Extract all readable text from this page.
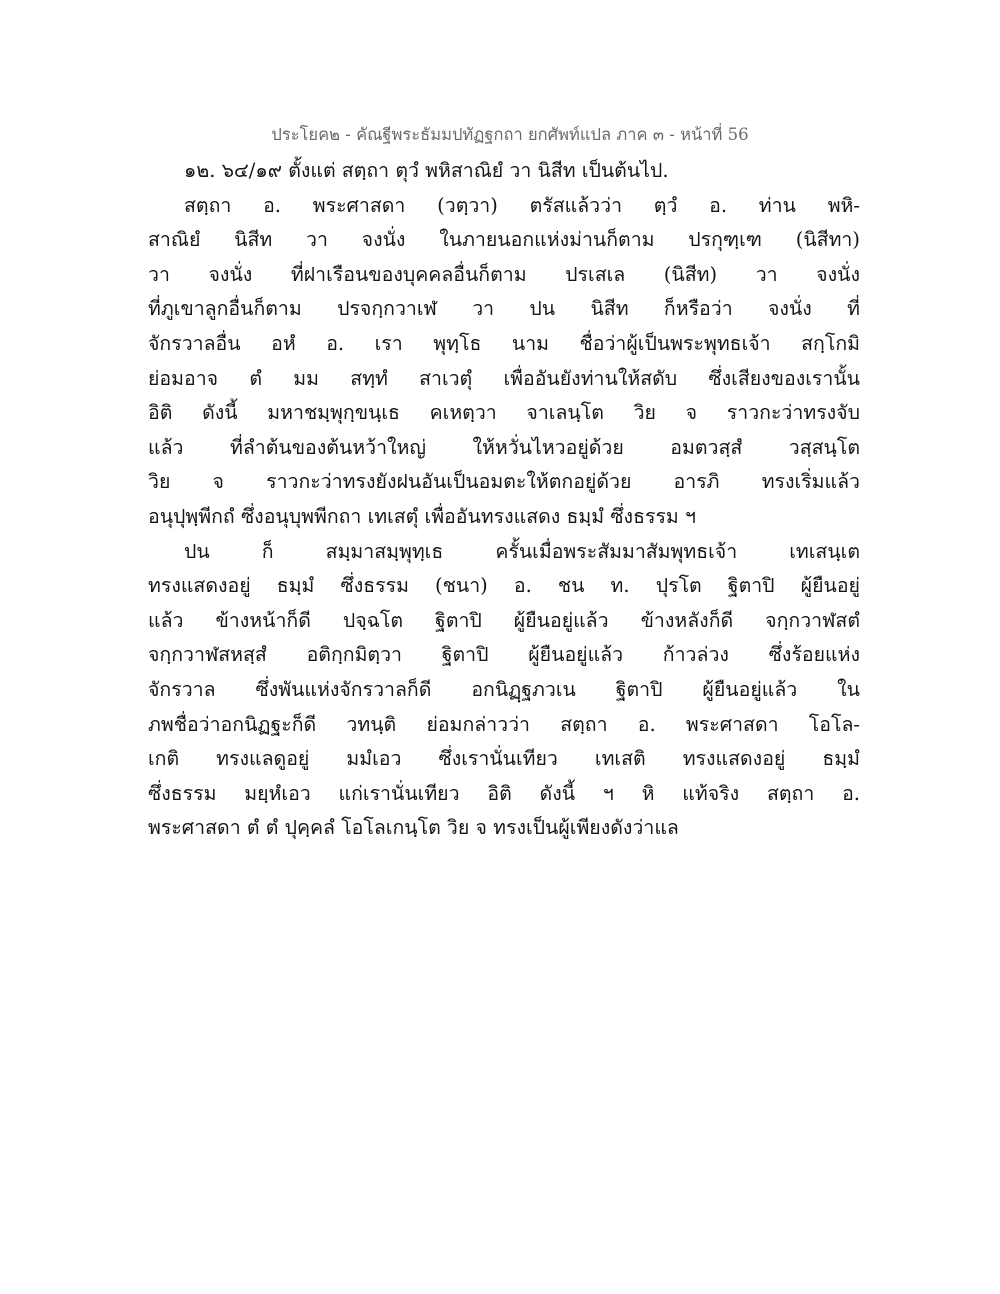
ประโยค๒ - คัณฐีพระธัมมปทัฏฐกถา ยกศัพท์แปล ภาค ๓ - หน้าที่ 56
๑๒. ๖๔/๑๙ ตั้งแต่ สตฺถา ตุวํ พหิสาณิยํ วา นิสีท เป็นต้นไป.
สตฺถา อ. พระศาสดา (วตฺวา) ตรัสแล้วว่า ตฺวํ อ. ท่าน พหิ-
สาณิยํ นิสีท วา จงนั่ง ในภายนอกแห่งม่านก็ตาม ปรกุฑฺเฑ (นิสีทา)
วา จงนั่ง ที่ฝาเรือนของบุคคลอื่นก็ตาม ปรเสเล (นิสีท) วา จงนั่ง
ที่ภูเขาลูกอื่นก็ตาม ปรจกฺกวาเฬ วา ปน นิสีท ก็หรือว่า จงนั่ง ที่
จักรวาลอื่น อหํ อ. เรา พุทฺโธ นาม ชื่อว่าผู้เป็นพระพุทธเจ้า สกฺโกมิ
ย่อมอาจ ตํ มม สทฺทํ สาเวตุํ เพื่ออันยังท่านให้สดับ ซึ่งเสียงของเรานั้น
อิติ ดังนี้ มหาชมฺพุกฺขนฺเธ คเหตฺวา จาเลนฺโต วิย จ ราวกะว่าทรงจับ
แล้ว ที่ลำต้นของต้นหว้าใหญ่ ให้หวั่นไหวอยู่ด้วย อมตวสฺสํ วสฺสนฺโต
วิย จ ราวกะว่าทรงยังฝนอันเป็นอมตะให้ตกอยู่ด้วย อารภิ ทรงเริ่มแล้ว
อนุปุพฺพีกถํ ซึ่งอนุบุพพีกถา เทเสตุํ เพื่ออันทรงแสดง ธมฺมํ ซึ่งธรรม ฯ
ปน ก็ สมฺมาสมฺพุทฺเธ ครั้นเมื่อพระสัมมาสัมพุทธเจ้า เทเสนฺเต
ทรงแสดงอยู่ ธมฺมํ ซึ่งธรรม (ชนา) อ. ชน ท. ปุรโต ฐิตาปิ ผู้ยืนอยู่
แล้ว ข้างหน้าก็ดี ปจฺฉโต ฐิตาปิ ผู้ยืนอยู่แล้ว ข้างหลังก็ดี จกฺกวาฬสตํ
จกฺกวาฬสหสฺสํ อติกฺกมิตฺวา ฐิตาปิ ผู้ยืนอยู่แล้ว ก้าวล่วง ซึ่งร้อยแห่ง
จักรวาล ซึ่งพันแห่งจักรวาลก็ดี อกนิฏฺฐภวเน ฐิตาปิ ผู้ยืนอยู่แล้ว ใน
ภพชื่อว่าอกนิฏฐะก็ดี วทนฺติ ย่อมกล่าวว่า สตฺถา อ. พระศาสดา โอโล-
เกติ ทรงแลดูอยู่ มมํเอว ซึ่งเรานั่นเทียว เทเสติ ทรงแสดงอยู่ ธมฺมํ
ซึ่งธรรม มยฺหํเอว แก่เรานั่นเทียว อิติ ดังนี้ ฯ หิ แท้จริง สตฺถา อ.
พระศาสดา ตํ ตํ ปุคฺคลํ โอโลเกนฺโต วิย จ ทรงเป็นผู้เพียงดังว่าแล
